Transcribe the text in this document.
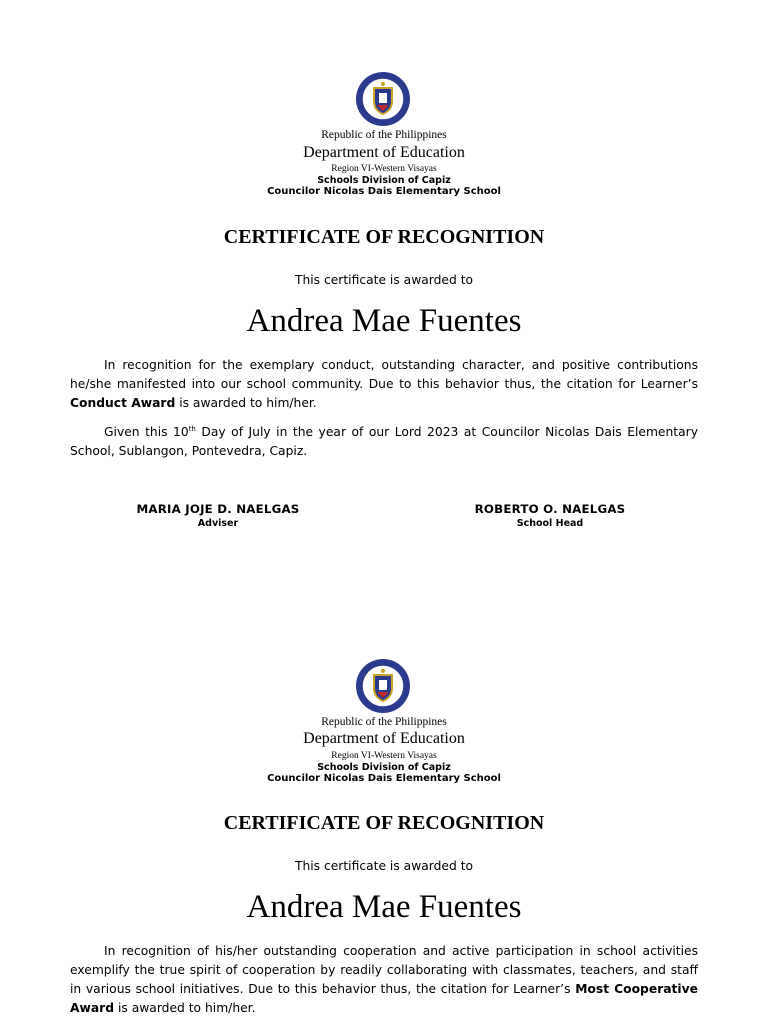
Republic of the Philippines
Department of Education
Region VI-Western Visayas
Schools Division of Capiz
Councilor Nicolas Dais Elementary School
CERTIFICATE OF RECOGNITION
This certificate is awarded to
Andrea Mae Fuentes
In recognition for the exemplary conduct, outstanding character, and positive contributions he/she manifested into our school community. Due to this behavior thus, the citation for Learner’s Conduct Award is awarded to him/her.
Given this 10th Day of July in the year of our Lord 2023 at Councilor Nicolas Dais Elementary School, Sublangon, Pontevedra, Capiz.
MARIA JOJE D. NAELGAS
Adviser
ROBERTO O. NAELGAS
School Head
Republic of the Philippines
Department of Education
Region VI-Western Visayas
Schools Division of Capiz
Councilor Nicolas Dais Elementary School
CERTIFICATE OF RECOGNITION
This certificate is awarded to
Andrea Mae Fuentes
In recognition of his/her outstanding cooperation and active participation in school activities exemplify the true spirit of cooperation by readily collaborating with classmates, teachers, and staff in various school initiatives. Due to this behavior thus, the citation for Learner’s Most Cooperative Award is awarded to him/her.
